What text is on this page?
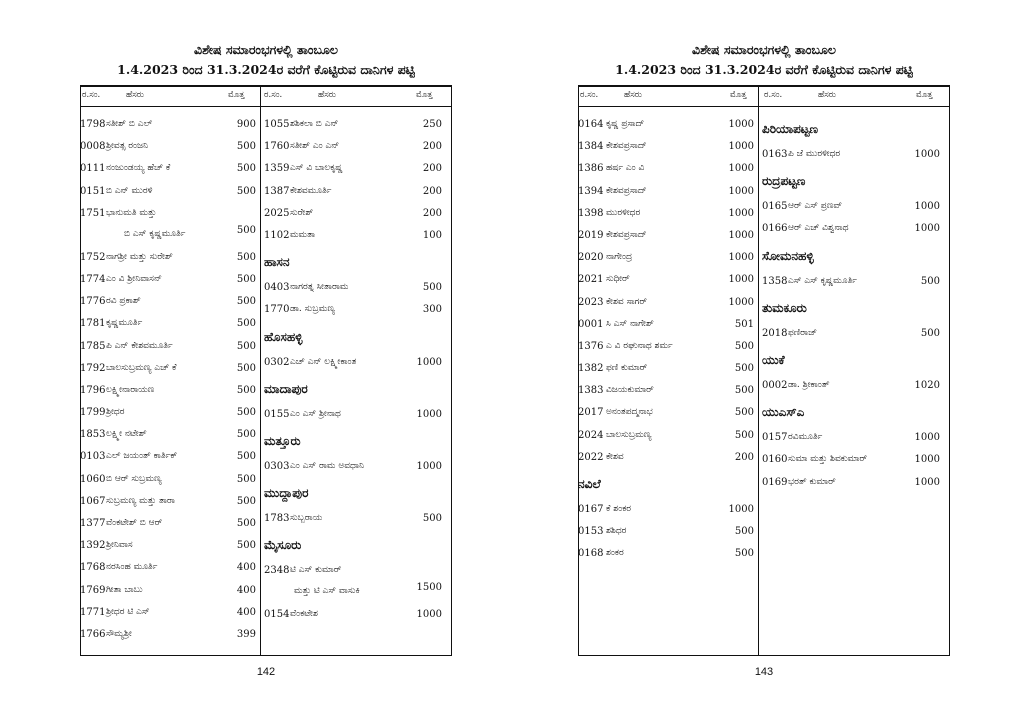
ವಿಶೇಷ ಸಮಾರಂಭಗಳಲ್ಲಿ ತಾಂಬೂಲ
1.4.2023 ರಿಂದ 31.3.2024ರ ವರೆಗೆ ಕೊಟ್ಟಿರುವ ದಾನಿಗಳ ಪಟ್ಟಿ
ರ.ಸಂ.	ಹೆಸರು	ಮೊತ್ತ ರ.ಸಂ.	ಹೆಸರು	ಮೊತ್ತ
1798 ಸತೀಶ್ ಬಿ ಎಲ್	900
0008 ಶ್ರೀವತ್ಸ ರಂಜನಿ	500
0111 ನಂಜುಂಡಯ್ಯ ಹೆಚ್ ಕೆ	500
0151 ಬಿ ಎನ್ ಮುರಳಿ	500
1751 ಭಾನುಮತಿ ಮತ್ತು
ಬಿ ಎಸ್ ಕೃಷ್ಣಮೂರ್ತಿ	500
1752 ನಾಗಶ್ರೀ ಮತ್ತು ಸುರೇಶ್	500
1774 ಎಂ ವಿ ಶ್ರೀನಿವಾಸನ್	500
1776 ರವಿ ಪ್ರಕಾಶ್	500
1781 ಕೃಷ್ಣಮೂರ್ತಿ	500
1785 ಪಿ ಎನ್ ಕೇಶವಮೂರ್ತಿ	500
1792 ಬಾಲಸುಬ್ರಮಣ್ಯ ಎಚ್ ಕೆ	500
1796 ಲಕ್ಷ್ಮೀನಾರಾಯಣ	500
1799 ಶ್ರೀಧರ	500
1853 ಲಕ್ಷ್ಮೀ ನಟೇಶ್	500
0103 ಎಲ್ ಜಯಂತ್ ಕಾರ್ತಿಕ್	500
1060 ಬಿ ಆರ್ ಸುಬ್ರಮಣ್ಯ	500
1067 ಸುಬ್ರಮಣ್ಯ ಮತ್ತು ತಾರಾ	500
1377 ವೆಂಕಟೇಶ್ ಬಿ ಆರ್	500
1392 ಶ್ರೀನಿವಾಸ	500
1768 ನರಸಿಂಹ ಮೂರ್ತಿ	400
1769 ಗೀತಾ ಬಾಬು	400
1771 ಶ್ರೀಧರ ಟಿ ಎಸ್	400
1766 ಸೌಮ್ಯಶ್ರೀ	399
1055 ಶಶಿಕಲಾ ಬಿ ಎನ್	250
1760 ಸತೀಶ್ ಎಂ ಎನ್	200
1359 ಎಸ್ ವಿ ಬಾಲಕೃಷ್ಣ	200
1387 ಕೇಶವಮೂರ್ತಿ	200
2025 ಸುರೇಶ್	200
1102 ಮಮತಾ	100
ಹಾಸನ
0403 ನಾಗರತ್ನ ಸೀತಾರಾಮ	500
1770 ಡಾ. ಸುಬ್ರಮಣ್ಯ	300
ಹೊಸಹಳ್ಳಿ
0302 ಎಚ್ ಎನ್ ಲಕ್ಷ್ಮೀಕಾಂತ	1000
ಮಾದಾಪುರ
0155 ಎಂ ಎಸ್ ಶ್ರೀನಾಥ	1000
ಮತ್ತೂರು
0303 ಎಂ ಎಸ್ ರಾಮ ಅವಧಾನಿ	1000
ಮುದ್ದಾಪುರ
1783 ಸುಬ್ಬರಾಯ	500
ಮೈಸೂರು
2348 ಟಿ ಎಸ್ ಕುಮಾರ್
ಮತ್ತು ಟಿ ಎಸ್ ವಾಸುಕಿ	1500
0154 ವೆಂಕಟೇಶ	1000
142
ವಿಶೇಷ ಸಮಾರಂಭಗಳಲ್ಲಿ ತಾಂಬೂಲ
1.4.2023 ರಿಂದ 31.3.2024ರ ವರೆಗೆ ಕೊಟ್ಟಿರುವ ದಾನಿಗಳ ಪಟ್ಟಿ
ರ.ಸಂ.	ಹೆಸರು	ಮೊತ್ತ ರ.ಸಂ.	ಹೆಸರು	ಮೊತ್ತ
0164 ಕೃಷ್ಣ ಪ್ರಸಾದ್	1000
1384 ಕೇಶವಪ್ರಸಾದ್	1000
1386 ಹರ್ಷ ಎಂ ವಿ	1000
1394 ಕೇಶವಪ್ರಸಾದ್	1000
1398 ಮುರಳೀಧರ	1000
2019 ಕೇಶವಪ್ರಸಾದ್	1000
2020 ನಾಗೇಂದ್ರ	1000
2021 ಸುಧೀರ್	1000
2023 ಕೇಶವ ಸಾಗರ್	1000
0001 ಸಿ ಎಸ್ ನಾಗೇಶ್	501
1376 ಎ ವಿ ರಘುನಾಥ ಶರ್ಮ	500
1382 ಫಣಿ ಕುಮಾರ್	500
1383 ವಿಜಯಕುಮಾರ್	500
2017 ಅನಂತಪದ್ಮನಾಭ	500
2024 ಬಾಲಸುಬ್ರಮಣ್ಯ	500
2022 ಕೇಶವ	200
ನವಿಲೆ
0167 ಕೆ ಶಂಕರ	1000
0153 ಶಶಿಧರ	500
0168 ಶಂಕರ	500
ಪಿರಿಯಾಪಟ್ಟಣ
0163 ಪಿ ಜೆ ಮುರಳೀಧರ	1000
ರುದ್ರಪಟ್ಟಣ
0165 ಆರ್ ಎಸ್ ಪ್ರಣವ್	1000
0166 ಆರ್ ಎಚ್ ವಿಶ್ವನಾಥ	1000
ಸೋಮನಹಳ್ಳಿ
1358 ಎಸ್ ಎಸ್ ಕೃಷ್ಣಮೂರ್ತಿ	500
ತುಮಕೂರು
2018 ಫಣಿರಾಜ್	500
ಯುಕೆ
0002 ಡಾ. ಶ್ರೀಕಾಂತ್	1020
ಯುಎಸ್ಎ
0157 ರವಿಮೂರ್ತಿ	1000
0160 ಸುಮಾ ಮತ್ತು ಶಿವಕುಮಾರ್	1000
0169 ಭರತ್ ಕುಮಾರ್	1000
143
